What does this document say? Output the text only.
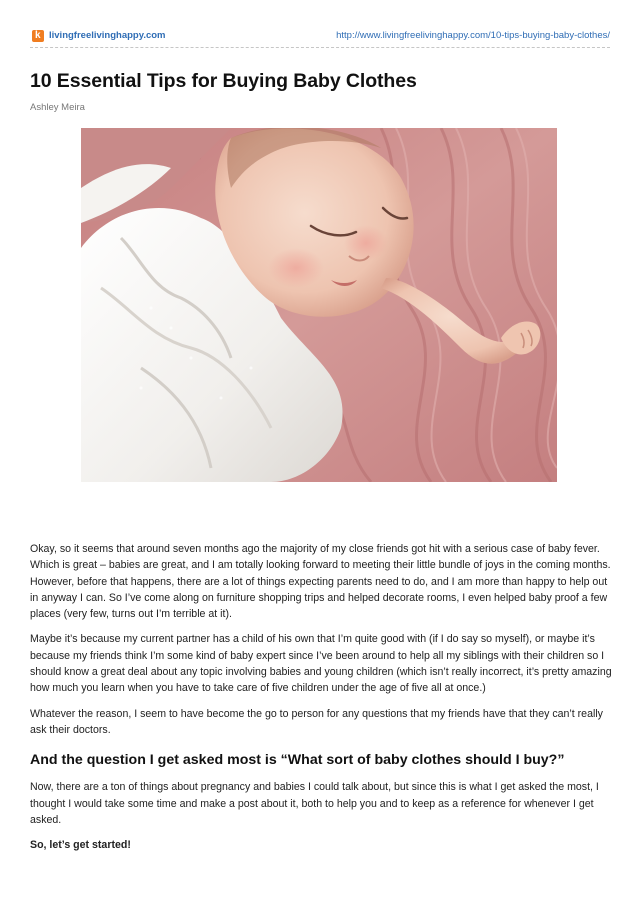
k livingfreelivinghappy.com	http://www.livingfreelivinghappy.com/10-tips-buying-baby-clothes/
10 Essential Tips for Buying Baby Clothes
Ashley Meira

Okay, so it seems that around seven months ago the majority of my close friends got hit with a serious case of baby fever. Which is great – babies are great, and I am totally looking forward to meeting their little bundle of joys in the coming months. However, before that happens, there are a lot of things expecting parents need to do, and I am more than happy to help out in anyway I can. So I’ve come along on furniture shopping trips and helped decorate rooms, I even helped baby proof a few places (very few, turns out I’m terrible at it).

Maybe it’s because my current partner has a child of his own that I’m quite good with (if I do say so myself), or maybe it’s because my friends think I’m some kind of baby expert since I’ve been around to help all my siblings with their children so I should know a great deal about any topic involving babies and young children (which isn’t really incorrect, it’s pretty amazing how much you learn when you have to take care of five children under the age of five all at once.)

Whatever the reason, I seem to have become the go to person for any questions that my friends have that they can’t really ask their doctors.

And the question I get asked most is “What sort of baby clothes should I buy?”

Now, there are a ton of things about pregnancy and babies I could talk about, but since this is what I get asked the most, I thought I would take some time and make a post about it, both to help you and to keep as a reference for whenever I get asked.

So, let’s get started!
